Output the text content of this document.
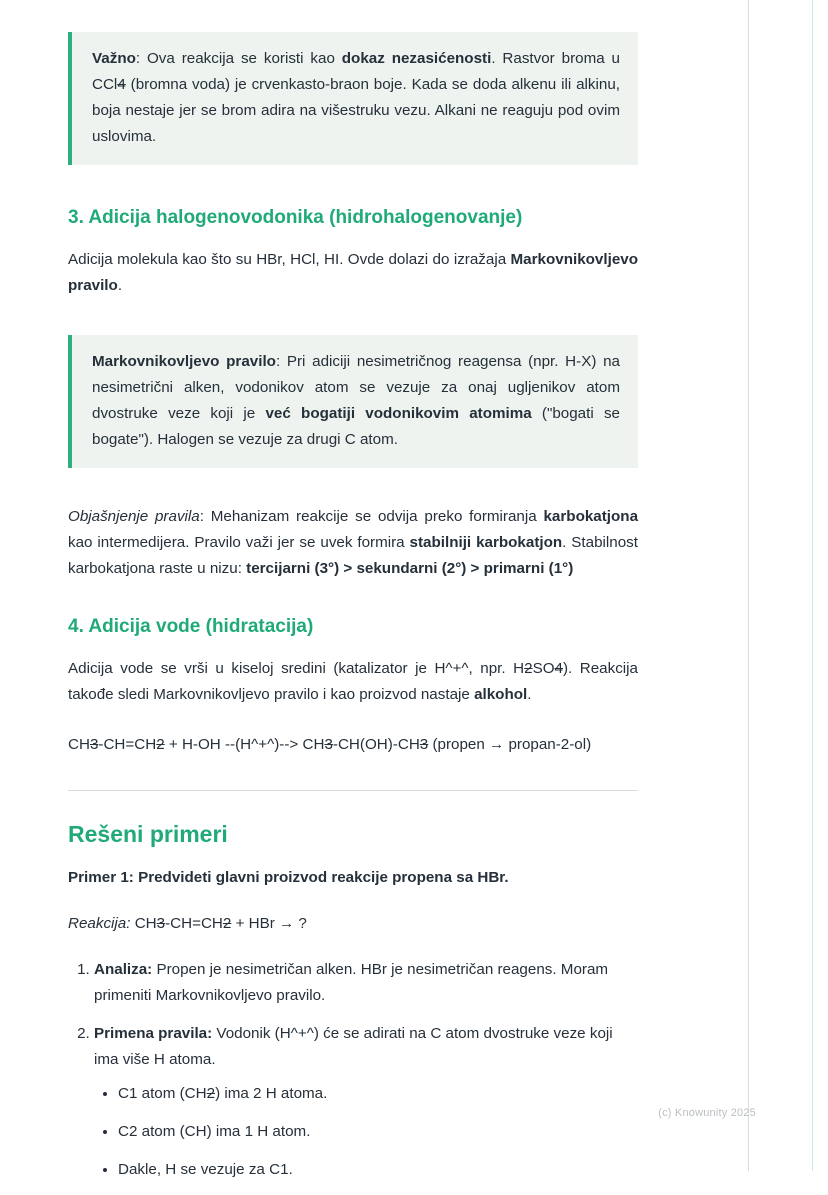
Važno: Ova reakcija se koristi kao dokaz nezasićenosti. Rastvor broma u CCl4 (bromna voda) je crvenkasto-braon boje. Kada se doda alkenu ili alkinu, boja nestaje jer se brom adira na višestruku vezu. Alkani ne reaguju pod ovim uslovima.

3. Adicija halogenovodonika (hidrohalogenovanje)

Adicija molekula kao što su HBr, HCl, HI. Ovde dolazi do izražaja Markovnikovljevo pravilo.

Markovnikovljevo pravilo: Pri adiciji nesimetričnog reagensa (npr. H-X) na nesimetrični alken, vodonikov atom se vezuje za onaj ugljenikov atom dvostruke veze koji je već bogatiji vodonikovim atomima ("bogati se bogate"). Halogen se vezuje za drugi C atom.

Objašnjenje pravila: Mehanizam reakcije se odvija preko formiranja karbokatjona kao intermedijera. Pravilo važi jer se uvek formira stabilniji karbokatjon. Stabilnost karbokatjona raste u nizu: tercijarni (3°) > sekundarni (2°) > primarni (1°)

4. Adicija vode (hidratacija)

Adicija vode se vrši u kiseloj sredini (katalizator je H^+^, npr. H2SO4). Reakcija takođe sledi Markovnikovljevo pravilo i kao proizvod nastaje alkohol.

CH3-CH=CH2 + H-OH --(H^+^)--> CH3-CH(OH)-CH3 (propen → propan-2-ol)
Rešeni primeri

Primer 1: Predvideti glavni proizvod reakcije propena sa HBr.

Reakcija: CH3-CH=CH2 + HBr → ?
1. Analiza: Propen je nesimetričan alken. HBr je nesimetričan reagens. Moram primeniti Markovnikovljevo pravilo.
2. Primena pravila: Vodonik (H^+^) će se adirati na C atom dvostruke veze koji ima više H atoma.
• C1 atom (CH2) ima 2 H atoma.
• C2 atom (CH) ima 1 H atom.
• Dakle, H se vezuje za C1.
(c) Knowunity 2025
